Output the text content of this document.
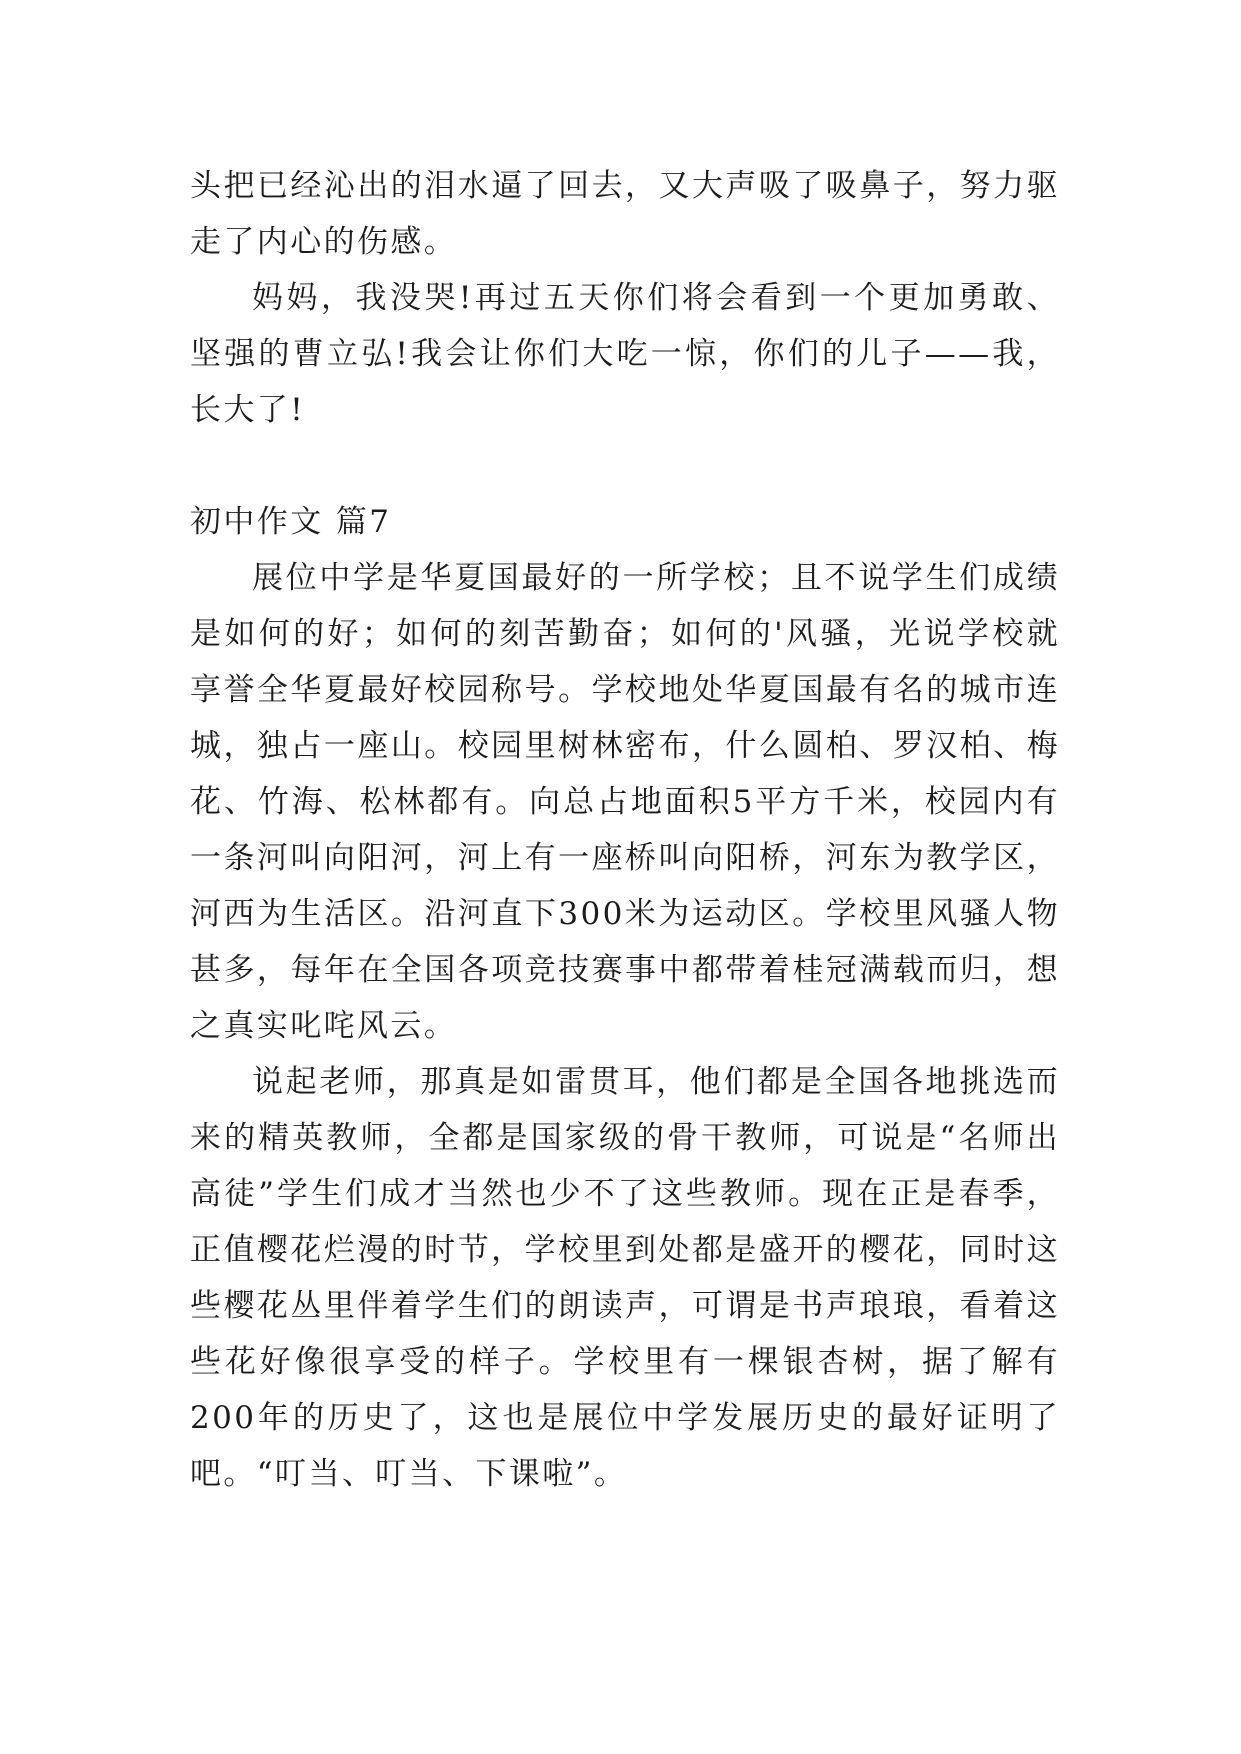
头把已经沁出的泪水逼了回去，又大声吸了吸鼻子，努力驱走了内心的伤感。

妈妈，我没哭!再过五天你们将会看到一个更加勇敢、坚强的曹立弘!我会让你们大吃一惊，你们的儿子——我，长大了!

初中作文 篇7

展位中学是华夏国最好的一所学校；且不说学生们成绩是如何的好；如何的刻苦勤奋；如何的'风骚，光说学校就享誉全华夏最好校园称号。学校地处华夏国最有名的城市连城，独占一座山。校园里树林密布，什么圆柏、罗汉柏、梅花、竹海、松林都有。向总占地面积5平方千米，校园内有一条河叫向阳河，河上有一座桥叫向阳桥，河东为教学区，河西为生活区。沿河直下300米为运动区。学校里风骚人物甚多，每年在全国各项竞技赛事中都带着桂冠满载而归，想之真实叱咤风云。

说起老师，那真是如雷贯耳，他们都是全国各地挑选而来的精英教师，全都是国家级的骨干教师，可说是“名师出高徒”学生们成才当然也少不了这些教师。现在正是春季，正值樱花烂漫的时节，学校里到处都是盛开的樱花，同时这些樱花丛里伴着学生们的朗读声，可谓是书声琅琅，看着这些花好像很享受的样子。学校里有一棵银杏树，据了解有200年的历史了，这也是展位中学发展历史的最好证明了吧。“叮当、叮当、下课啦”。
